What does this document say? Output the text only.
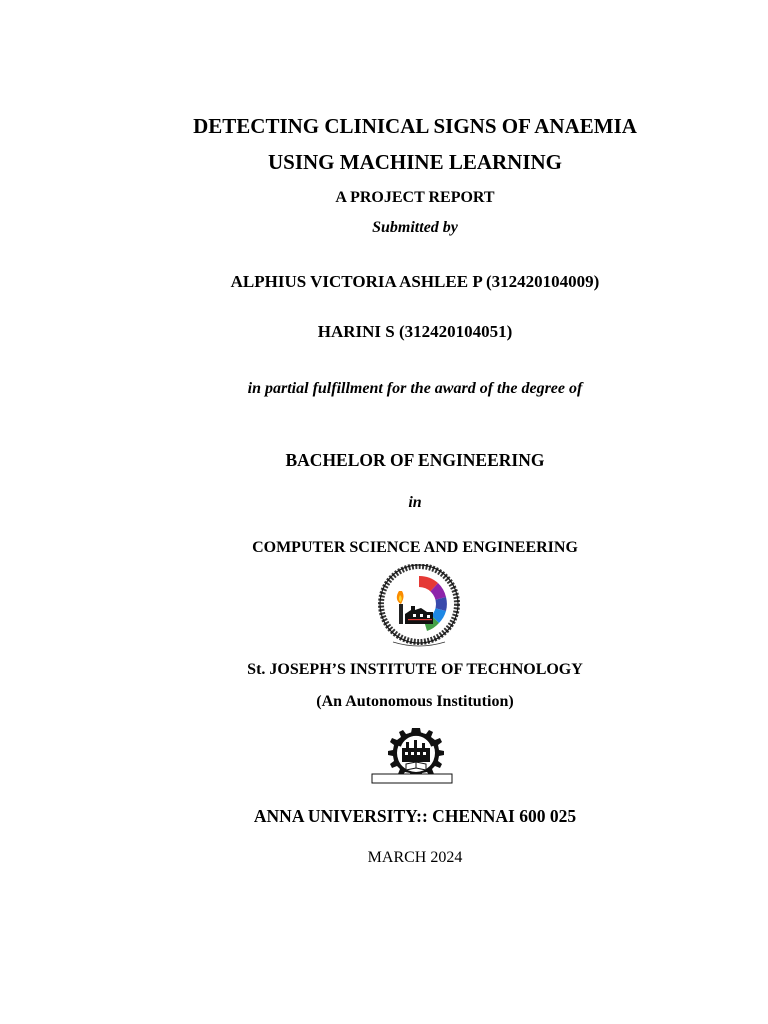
DETECTING CLINICAL SIGNS OF ANAEMIA
USING MACHINE LEARNING
A PROJECT REPORT
Submitted by
ALPHIUS VICTORIA ASHLEE P (312420104009)
HARINI S (312420104051)
in partial fulfillment for the award of the degree of
BACHELOR OF ENGINEERING
in
COMPUTER SCIENCE AND ENGINEERING
St. JOSEPH’S INSTITUTE OF TECHNOLOGY
(An Autonomous Institution)
ANNA UNIVERSITY:: CHENNAI 600 025
MARCH 2024
